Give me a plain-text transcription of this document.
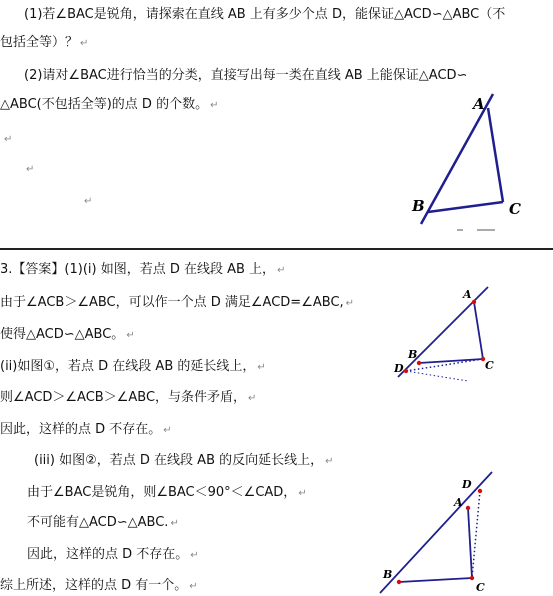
(1)若∠BAC是锐角，请探索在直线 AB 上有多少个点 D，能保证△ACD∽△ABC（不
包括全等）？ ↵
(2)请对∠BAC进行恰当的分类，直接写出每一类在直线 AB 上能保证△ACD∽
△ABC(不包括全等)的点 D 的个数。 ↵
↵
↵
↵
A
B	C
3.【答案】(1)(i) 如图，若点 D 在线段 AB 上， ↵
由于∠ACB＞∠ABC，可以作一个点 D 满足∠ACD=∠ABC, ↵
使得△ACD∽△ABC。 ↵
(ii)如图①，若点 D 在线段 AB 的延长线上， ↵
则∠ACD＞∠ACB＞∠ABC，与条件矛盾， ↵
因此，这样的点 D 不存在。 ↵
(iii) 如图②，若点 D 在线段 AB 的反向延长线上， ↵
由于∠BAC是锐角，则∠BAC＜90°＜∠CAD， ↵
不可能有△ACD∽△ABC. ↵
因此，这样的点 D 不存在。 ↵
综上所述，这样的点 D 有一个。 ↵
A
B
C
D
A
B
C
D
